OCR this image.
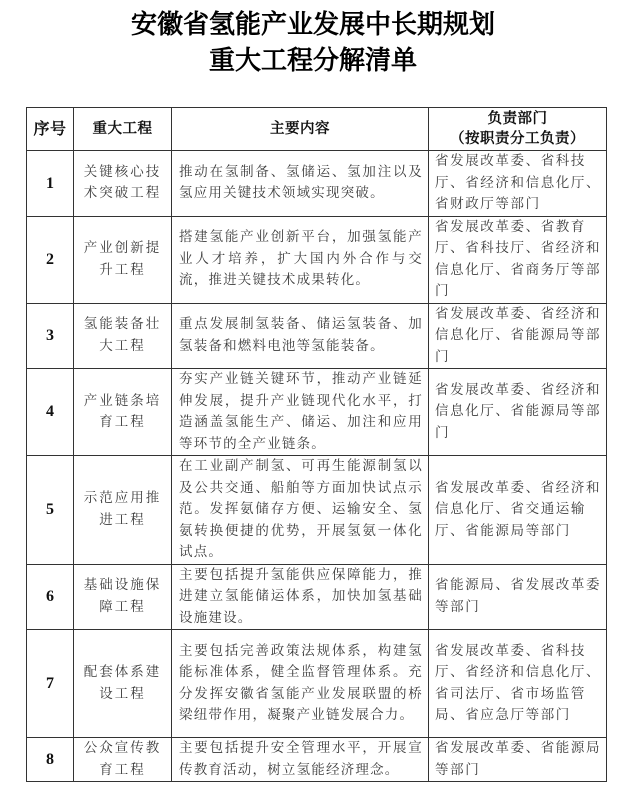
安徽省氢能产业发展中长期规划
重大工程分解清单
序号	重大工程	主要内容	负责部门
（按职责分工负责）

1	关键核心技术突破工程	推动在氢制备、氢储运、氢加注以及氢应用关键技术领域实现突破。	省发展改革委、省科技厅、省经济和信息化厅、省财政厅等部门
2	产业创新提升工程	搭建氢能产业创新平台，加强氢能产业人才培养，扩大国内外合作与交流，推进关键技术成果转化。	省发展改革委、省教育厅、省科技厅、省经济和信息化厅、省商务厅等部门
3	氢能装备壮大工程	重点发展制氢装备、储运氢装备、加氢装备和燃料电池等氢能装备。	省发展改革委、省经济和信息化厅、省能源局等部门
4	产业链条培育工程	夯实产业链关键环节，推动产业链延伸发展，提升产业链现代化水平，打造涵盖氢能生产、储运、加注和应用等环节的全产业链条。	省发展改革委、省经济和信息化厅、省能源局等部门
5	示范应用推进工程	在工业副产制氢、可再生能源制氢以及公共交通、船舶等方面加快试点示范。发挥氨储存方便、运输安全、氢氨转换便捷的优势，开展氢氨一体化试点。	省发展改革委、省经济和信息化厅、省交通运输厅、省能源局等部门
6	基础设施保障工程	主要包括提升氢能供应保障能力，推进建立氢能储运体系，加快加氢基础设施建设。	省能源局、省发展改革委等部门
7	配套体系建设工程	主要包括完善政策法规体系，构建氢能标准体系，健全监督管理体系。充分发挥安徽省氢能产业发展联盟的桥梁纽带作用，凝聚产业链发展合力。	省发展改革委、省科技厅、省经济和信息化厅、省司法厅、省市场监管局、省应急厅等部门
8	公众宣传教育工程	主要包括提升安全管理水平，开展宣传教育活动，树立氢能经济理念。	省发展改革委、省能源局等部门
